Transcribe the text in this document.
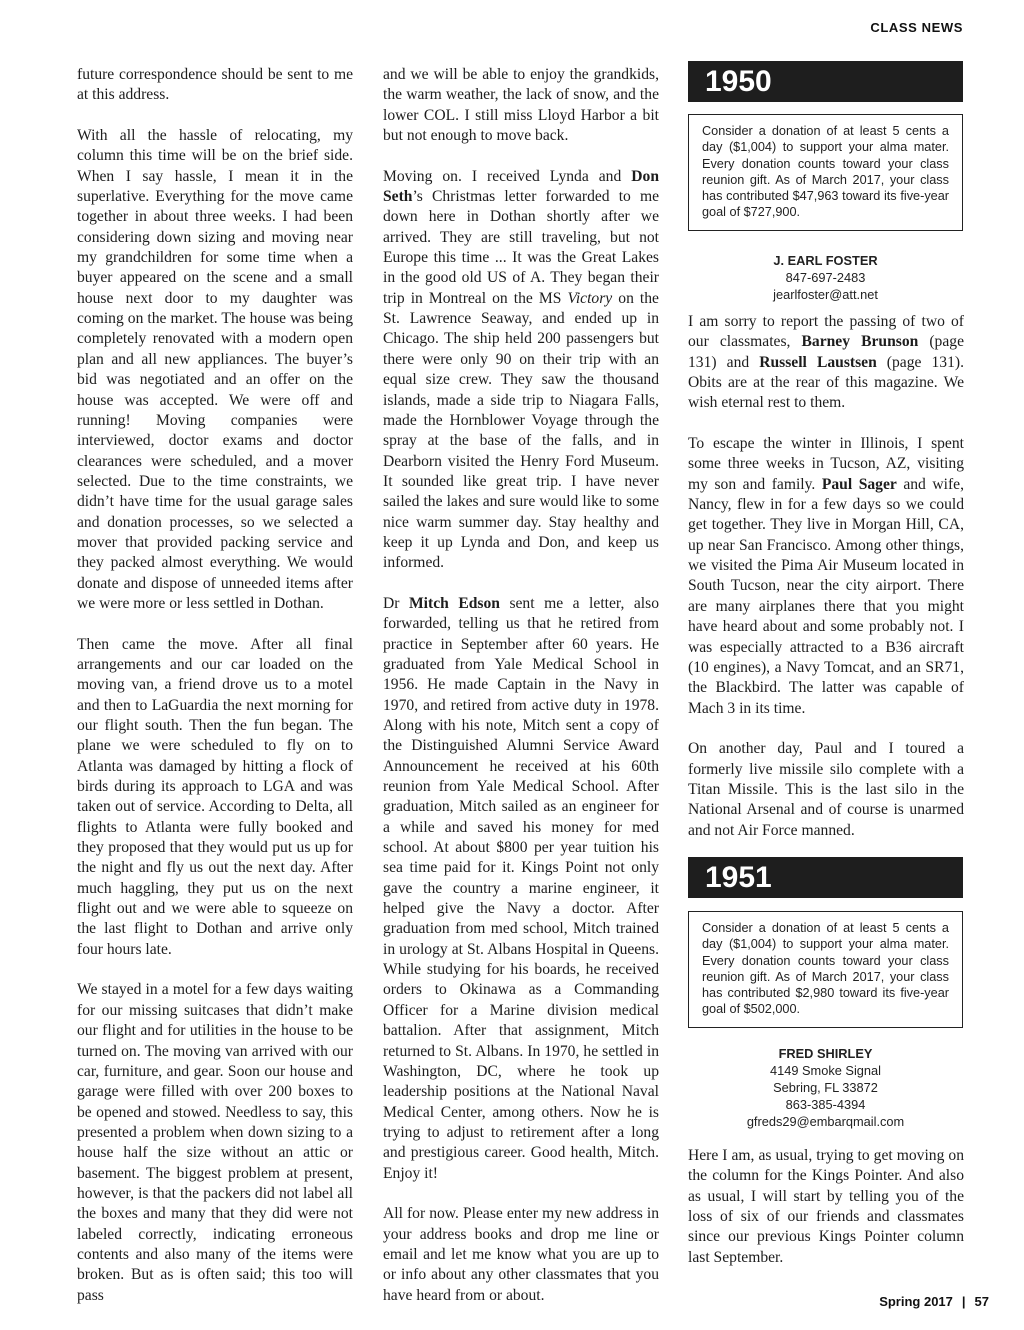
CLASS NEWS

future correspondence should be sent to me at this address.

With all the hassle of relocating, my column this time will be on the brief side. When I say hassle, I mean it in the superlative. Everything for the move came together in about three weeks. I had been considering down sizing and moving near my grandchildren for some time when a buyer appeared on the scene and a small house next door to my daughter was coming on the market. The house was being completely renovated with a modern open plan and all new appliances. The buyer’s bid was negotiated and an offer on the house was accepted. We were off and running! Moving companies were interviewed, doctor exams and doctor clearances were scheduled, and a mover selected. Due to the time constraints, we didn’t have time for the usual garage sales and donation processes, so we selected a mover that provided packing service and they packed almost everything. We would donate and dispose of unneeded items after we were more or less settled in Dothan.

Then came the move. After all final arrangements and our car loaded on the moving van, a friend drove us to a motel and then to LaGuardia the next morning for our flight south. Then the fun began. The plane we were scheduled to fly on to Atlanta was damaged by hitting a flock of birds during its approach to LGA and was taken out of service. According to Delta, all flights to Atlanta were fully booked and they proposed that they would put us up for the night and fly us out the next day. After much haggling, they put us on the next flight out and we were able to squeeze on the last flight to Dothan and arrive only four hours late.

We stayed in a motel for a few days waiting for our missing suitcases that didn’t make our flight and for utilities in the house to be turned on. The moving van arrived with our car, furniture, and gear. Soon our house and garage were filled with over 200 boxes to be opened and stowed. Needless to say, this presented a problem when down sizing to a house half the size without an attic or basement. The biggest problem at present, however, is that the packers did not label all the boxes and many that they did were not labeled correctly, indicating erroneous contents and also many of the items were broken. But as is often said; this too will pass

and we will be able to enjoy the grandkids, the warm weather, the lack of snow, and the lower COL. I still miss Lloyd Harbor a bit but not enough to move back.

Moving on. I received Lynda and Don Seth’s Christmas letter forwarded to me down here in Dothan shortly after we arrived. They are still traveling, but not Europe this time ... It was the Great Lakes in the good old US of A. They began their trip in Montreal on the MS Victory on the St. Lawrence Seaway, and ended up in Chicago. The ship held 200 passengers but there were only 90 on their trip with an equal size crew. They saw the thousand islands, made a side trip to Niagara Falls, made the Hornblower Voyage through the spray at the base of the falls, and in Dearborn visited the Henry Ford Museum. It sounded like great trip. I have never sailed the lakes and sure would like to some nice warm summer day. Stay healthy and keep it up Lynda and Don, and keep us informed.

Dr Mitch Edson sent me a letter, also forwarded, telling us that he retired from practice in September after 60 years. He graduated from Yale Medical School in 1956. He made Captain in the Navy in 1970, and retired from active duty in 1978. Along with his note, Mitch sent a copy of the Distinguished Alumni Service Award Announcement he received at his 60th reunion from Yale Medical School. After graduation, Mitch sailed as an engineer for a while and saved his money for med school. At about $800 per year tuition his sea time paid for it. Kings Point not only gave the country a marine engineer, it helped give the Navy a doctor. After graduation from med school, Mitch trained in urology at St. Albans Hospital in Queens. While studying for his boards, he received orders to Okinawa as a Commanding Officer for a Marine division medical battalion. After that assignment, Mitch returned to St. Albans. In 1970, he settled in Washington, DC, where he took up leadership positions at the National Naval Medical Center, among others. Now he is trying to adjust to retirement after a long and prestigious career. Good health, Mitch. Enjoy it!

All for now. Please enter my new address in your address books and drop me line or email and let me know what you are up to or info about any other classmates that you have heard from or about.

1950
Consider a donation of at least 5 cents a day ($1,004) to support your alma mater. Every donation counts toward your class reunion gift. As of March 2017, your class has contributed $47,963 toward its five-year goal of $727,900.
J. EARL FOSTER
847-697-2483
jearlfoster@att.net

I am sorry to report the passing of two of our classmates, Barney Brunson (page 131) and Russell Laustsen (page 131). Obits are at the rear of this magazine. We wish eternal rest to them.

To escape the winter in Illinois, I spent some three weeks in Tucson, AZ, visiting my son and family. Paul Sager and wife, Nancy, flew in for a few days so we could get together. They live in Morgan Hill, CA, up near San Francisco. Among other things, we visited the Pima Air Museum located in South Tucson, near the city airport. There are many airplanes there that you might have heard about and some probably not. I was especially attracted to a B36 aircraft (10 engines), a Navy Tomcat, and an SR71, the Blackbird. The latter was capable of Mach 3 in its time.

On another day, Paul and I toured a formerly live missile silo complete with a Titan Missile. This is the last silo in the National Arsenal and of course is unarmed and not Air Force manned.

1951
Consider a donation of at least 5 cents a day ($1,004) to support your alma mater. Every donation counts toward your class reunion gift. As of March 2017, your class has contributed $2,980 toward its five-year goal of $502,000.
FRED SHIRLEY
4149 Smoke Signal
Sebring, FL 33872
863-385-4394
gfreds29@embarqmail.com

Here I am, as usual, trying to get moving on the column for the Kings Pointer. And also as usual, I will start by telling you of the loss of six of our friends and classmates since our previous Kings Pointer column last September.

Spring 2017 | 57
